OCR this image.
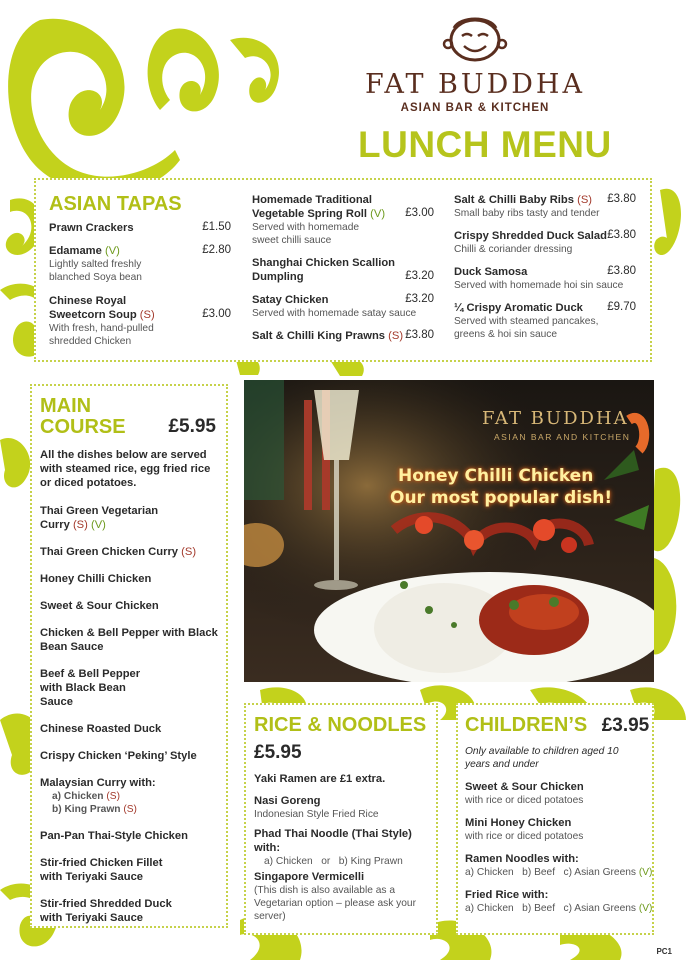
FAT BUDDHA
ASIAN BAR & KITCHEN
LUNCH MENU
ASIAN TAPAS
Prawn Crackers	£1.50
Edamame (V)	£2.80
Lightly salted freshly blanched Soya bean
Chinese Royal Sweetcorn Soup (S)	£3.00
With fresh, hand-pulled shredded Chicken
Homemade Traditional Vegetable Spring Roll (V)	£3.00
Served with homemade sweet chilli sauce
Shanghai Chicken Scallion Dumpling	£3.20
Satay Chicken	£3.20
Served with homemade satay sauce
Salt & Chilli King Prawns (S) £3.80
Salt & Chilli Baby Ribs (S)	£3.80
Small baby ribs tasty and tender
Crispy Shredded Duck Salad £3.80
Chilli & coriander dressing
Duck Samosa	£3.80
Served with homemade hoi sin sauce
¼ Crispy Aromatic Duck	£9.70
Served with steamed pancakes, greens & hoi sin sauce
MAIN
COURSE £5.95
All the dishes below are served with steamed rice, egg fried rice or diced potatoes.
Thai Green Vegetarian Curry (S) (V)
Thai Green Chicken Curry (S)
Honey Chilli Chicken
Sweet & Sour Chicken
Chicken & Bell Pepper with Black Bean Sauce
Beef & Bell Pepper with Black Bean Sauce
Chinese Roasted Duck
Crispy Chicken ‘Peking’ Style
Malaysian Curry with:
a) Chicken (S)
b) King Prawn (S)
Pan-Pan Thai-Style Chicken
Stir-fried Chicken Fillet with Teriyaki Sauce
Stir-fried Shredded Duck with Teriyaki Sauce
FAT BUDDHA
ASIAN BAR AND KITCHEN
Honey Chilli Chicken
Our most popular dish!
RICE & NOODLES
£5.95
Yaki Ramen are £1 extra.
Nasi Goreng
Indonesian Style Fried Rice
Phad Thai Noodle (Thai Style) with:
a) Chicken or b) King Prawn
Singapore Vermicelli
(This dish is also available as a Vegetarian option – please ask your server)
CHILDREN’S £3.95
Only available to children aged 10 years and under
Sweet & Sour Chicken
with rice or diced potatoes
Mini Honey Chicken
with rice or diced potatoes
Ramen Noodles with:
a) Chicken   b) Beef   c) Asian Greens (V)
Fried Rice with:
a) Chicken   b) Beef   c) Asian Greens (V)
PC1
